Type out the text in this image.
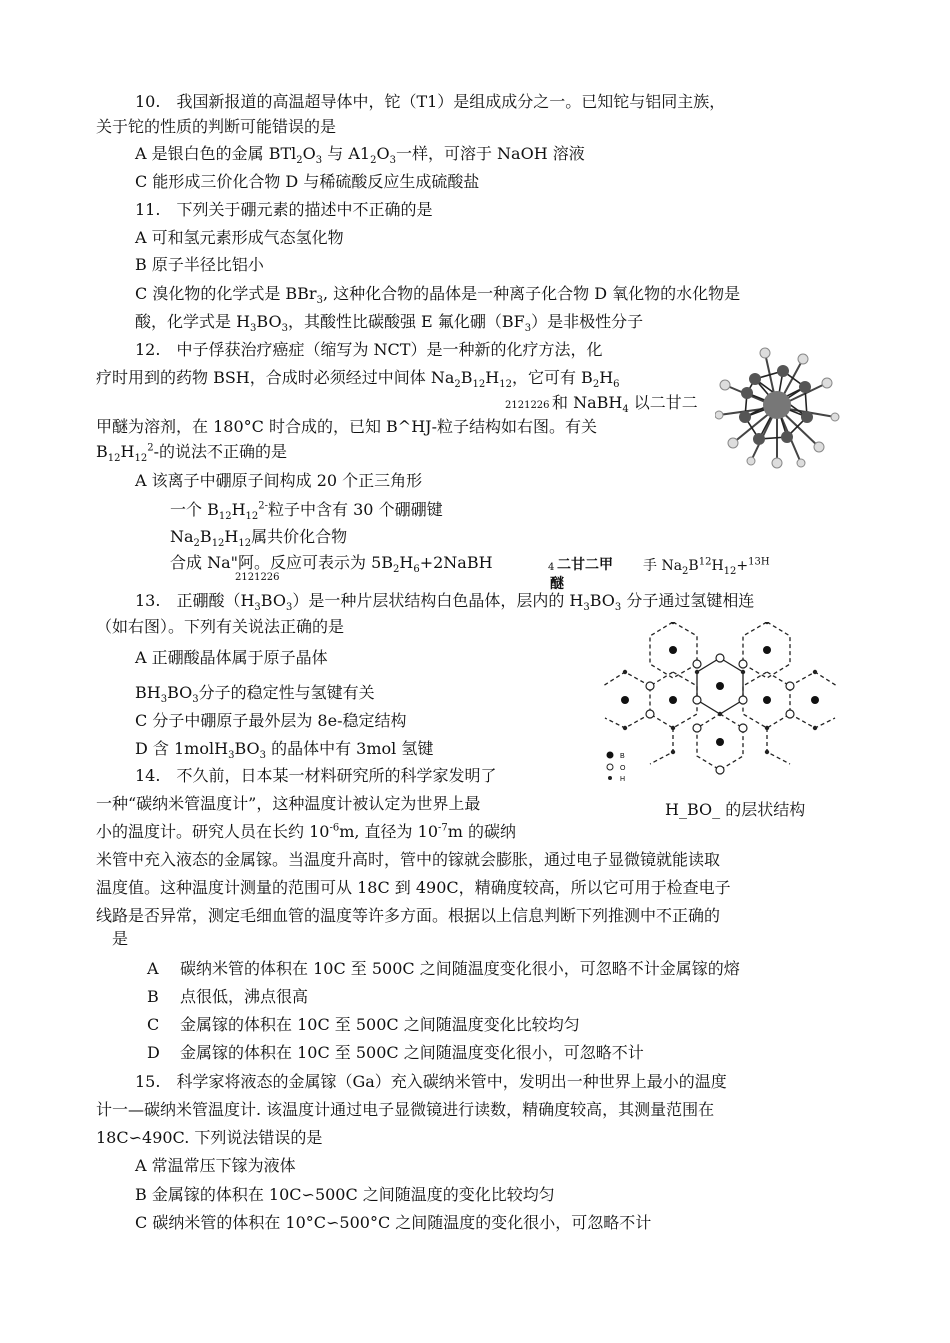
10.　我国新报道的高温超导体中，铊（T1）是组成成分之一。已知铊与铝同主族，
关于铊的性质的判断可能错误的是
A 是银白色的金属 $BTl_2O_3$ 与 $A1_2O_3$一样，可溶于 NaOH 溶液
C 能形成三价化合物 D 与稀硫酸反应生成硫酸盐
11.　下列关于硼元素的描述中不正确的是
A 可和氢元素形成气态氢化物
B 原子半径比铝小
C 溴化物的化学式是 BBr$_3$, 这种化合物的晶体是一种离子化合物 D 氧化物的水化物是
酸，化学式是 $H_3BO_3$，其酸性比碳酸强 E 氟化硼$(BF_3)$是非极性分子
12.　中子俘获治疗癌症（缩写为 NCT）是一种新的化疗方法，化
疗时用到的药物 BSH，合成时必须经过中间体 $Na_2B_{12}H_{12}$，它可有 $B_2H_6$
2121226 和 NaBH$_4$ 以二甘二
甲醚为溶剂，在 180°C 时合成的，已知 B^HJ-粒子结构如右图。有关
$B_{12}H_{12}^2-$的说法不正确的是
A 该离子中硼原子间构成 20 个正三角形
一个 $B_{12}H_{12}^{2-}$粒子中含有 30 个硼硼键
$Na_2B_{12}H_{12}$属共价化合物
合成 Na"阿。反应可表示为 $5B_2H_6+2NaBH$
2121226
4 二甘二甲
醚
手 $Na_2B^{12}H_{12}+^{13H}$
13.　正硼酸$(H_3BO_3)$是一种片层状结构白色晶体，层内的 $H_3BO_3$ 分子通过氢键相连
（如右图）。下列有关说法正确的是
A 正硼酸晶体属于原子晶体
$BH_3BO_3$分子的稳定性与氢键有关
C 分子中硼原子最外层为 8e-稳定结构
D 含 $1molH_3BO_3$ 的晶体中有 3mol 氢键	B
O
H
H_BO_ 的层状结构
14.　不久前，日本某一材料研究所的科学家发明了
一种“碳纳米管温度计”，这种温度计被认定为世界上最
小的温度计。研究人员在长约 $10^{-6}m$, 直径为 $10^{-7}m$ 的碳纳
米管中充入液态的金属镓。当温度升高时，管中的镓就会膨胀，通过电子显微镜就能读取
温度值。这种温度计测量的范围可从 18C 到 490C，精确度较高，所以它可用于检查电子
线路是否异常，测定毛细血管的温度等许多方面。根据以上信息判断下列推测中不正确的
是
A 碳纳米管的体积在 10C 至 500C 之间随温度变化很小，可忽略不计金属镓的熔
B 点很低，沸点很高
C 金属镓的体积在 10C 至 500C 之间随温度变化比较均匀
D 金属镓的体积在 10C 至 500C 之间随温度变化很小，可忽略不计
15.　科学家将液态的金属镓（Ga）充入碳纳米管中，发明出一种世界上最小的温度
计一—碳纳米管温度计. 该温度计通过电子显微镜进行读数，精确度较高，其测量范围在
18C∽490C. 下列说法错误的是
A 常温常压下镓为液体
B 金属镓的体积在 10C∽500C 之间随温度的变化比较均匀
C 碳纳米管的体积在 10°C∽500°C 之间随温度的变化很小，可忽略不计
